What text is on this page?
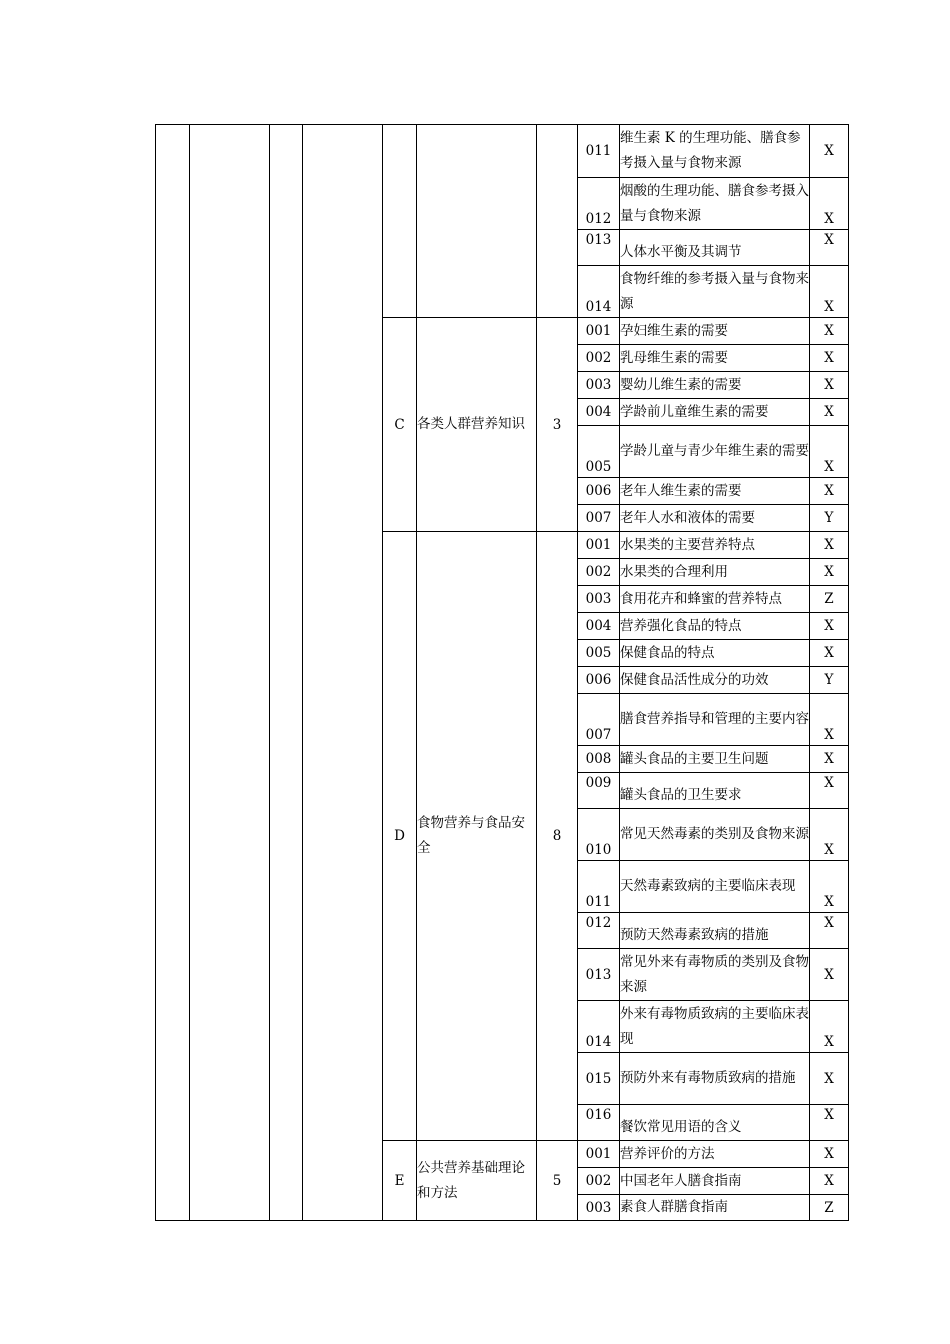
							011	维生素 K 的生理功能、膳食参考摄入量与食物来源	X
							012	烟酸的生理功能、膳食参考摄入量与食物来源	X
							013	人体水平衡及其调节	X
							014	食物纤维的参考摄入量与食物来源	X
				C	各类人群营养知识	3	001	孕妇维生素的需要	X
							002	乳母维生素的需要	X
							003	婴幼儿维生素的需要	X
							004	学龄前儿童维生素的需要	X
							005	学龄儿童与青少年维生素的需要	X
							006	老年人维生素的需要	X
							007	老年人水和液体的需要	Y
				D	食物营养与食品安全	8	001	水果类的主要营养特点	X
							002	水果类的合理利用	X
							003	食用花卉和蜂蜜的营养特点	Z
							004	营养强化食品的特点	X
							005	保健食品的特点	X
							006	保健食品活性成分的功效	Y
							007	膳食营养指导和管理的主要内容	X
							008	罐头食品的主要卫生问题	X
							009	罐头食品的卫生要求	X
							010	常见天然毒素的类别及食物来源	X
							011	天然毒素致病的主要临床表现	X
							012	预防天然毒素致病的措施	X
							013	常见外来有毒物质的类别及食物来源	X
							014	外来有毒物质致病的主要临床表现	X
							015	预防外来有毒物质致病的措施	X
							016	餐饮常见用语的含义	X
				E	公共营养基础理论和方法	5	001	营养评价的方法	X
							002	中国老年人膳食指南	X
							003	素食人群膳食指南	Z
